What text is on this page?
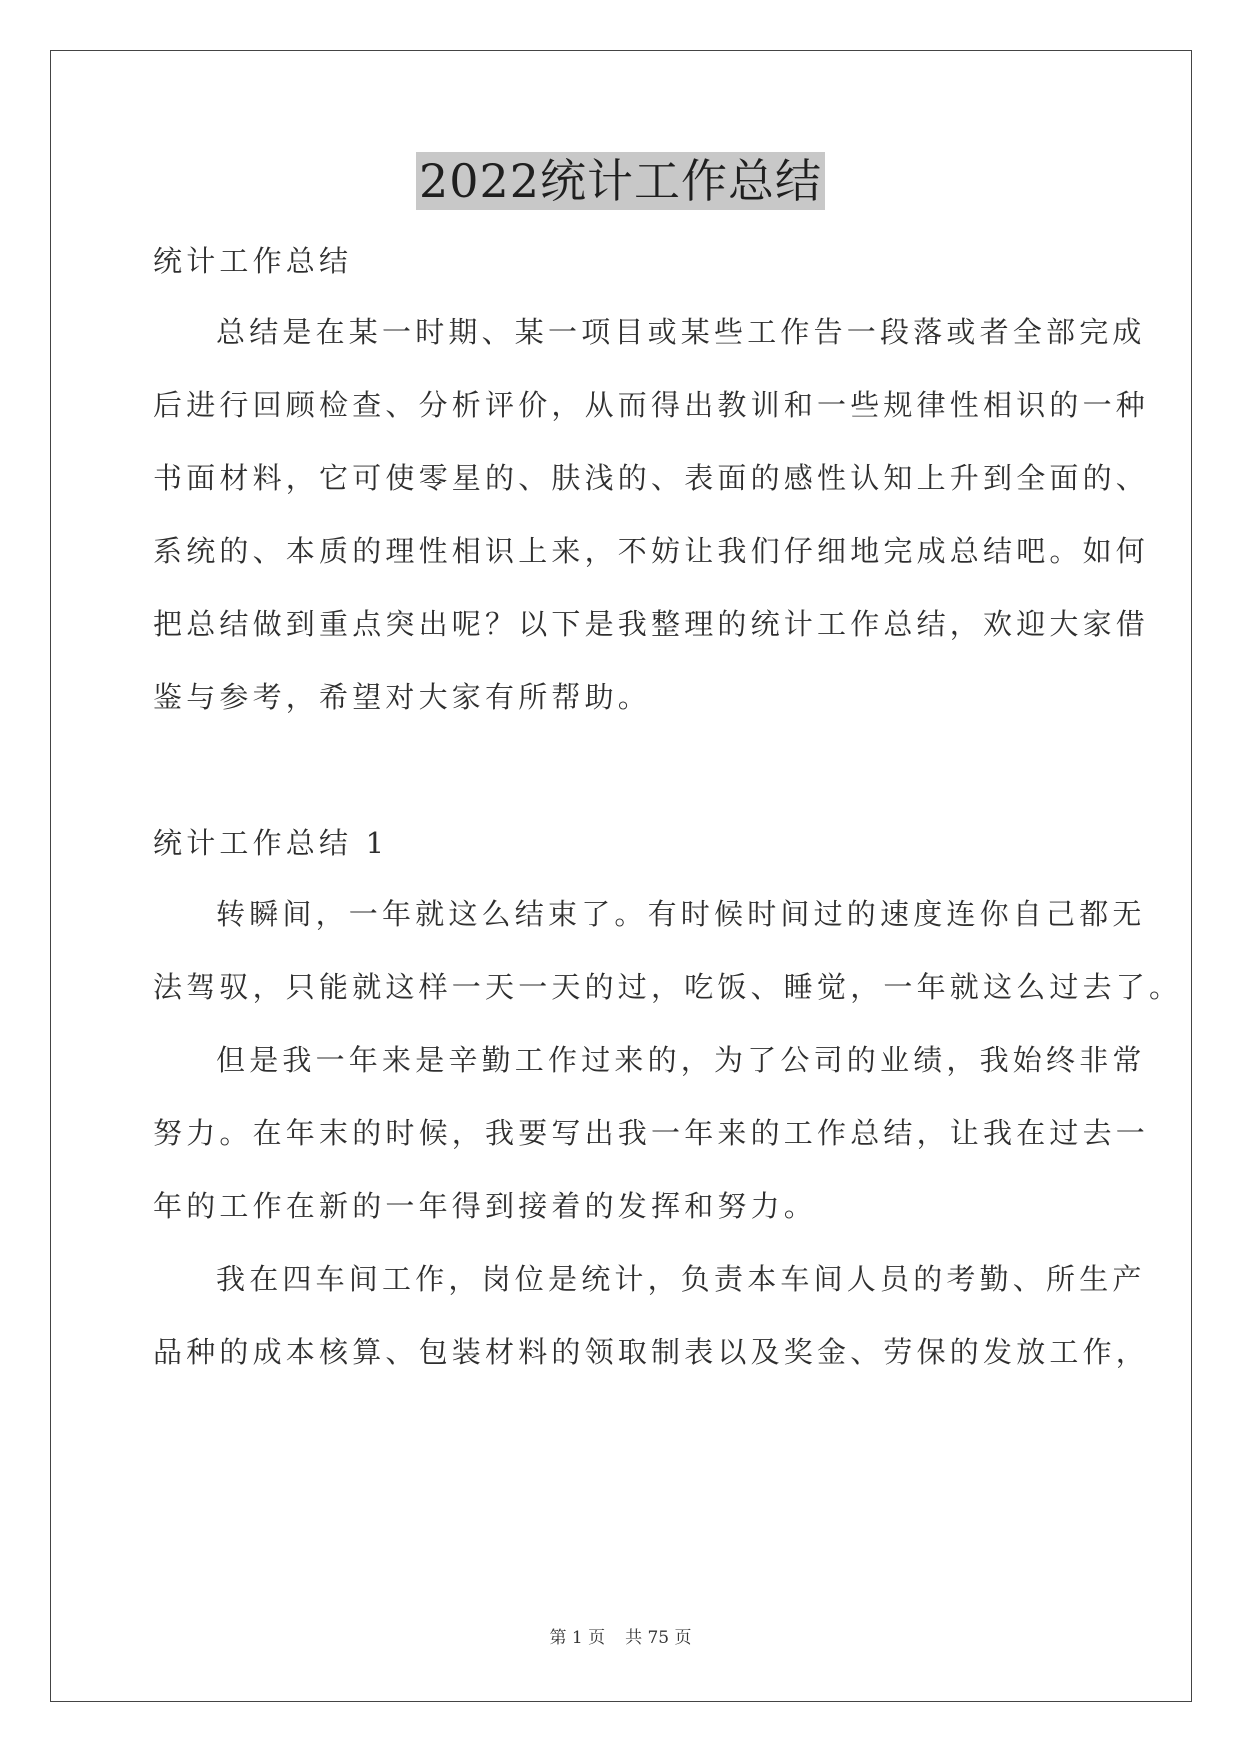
2022统计工作总结
统计工作总结
总结是在某一时期、某一项目或某些工作告一段落或者全部完成
后进行回顾检查、分析评价，从而得出教训和一些规律性相识的一种
书面材料，它可使零星的、肤浅的、表面的感性认知上升到全面的、
系统的、本质的理性相识上来，不妨让我们仔细地完成总结吧。如何
把总结做到重点突出呢？以下是我整理的统计工作总结，欢迎大家借
鉴与参考，希望对大家有所帮助。
统计工作总结 1
转瞬间，一年就这么结束了。有时候时间过的速度连你自己都无
法驾驭，只能就这样一天一天的过，吃饭、睡觉，一年就这么过去了。
但是我一年来是辛勤工作过来的，为了公司的业绩，我始终非常
努力。在年末的时候，我要写出我一年来的工作总结，让我在过去一
年的工作在新的一年得到接着的发挥和努力。
我在四车间工作，岗位是统计，负责本车间人员的考勤、所生产
品种的成本核算、包装材料的领取制表以及奖金、劳保的发放工作，
第 1 页 共 75 页
